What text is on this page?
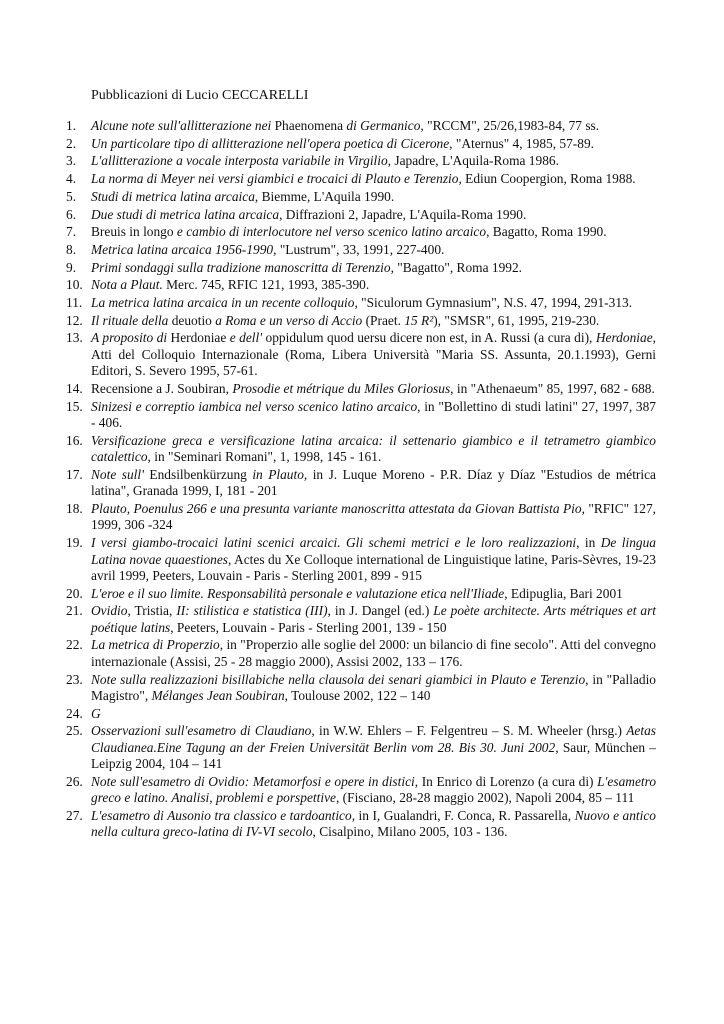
Pubblicazioni di Lucio CECCARELLI
1. Alcune note sull'allitterazione nei Phaenomena di Germanico, "RCCM", 25/26,1983-84, 77 ss.
2. Un particolare tipo di allitterazione nell'opera poetica di Cicerone, "Aternus" 4, 1985, 57-89.
3. L'allitterazione a vocale interposta variabile in Virgilio, Japadre, L'Aquila-Roma 1986.
4. La norma di Meyer nei versi giambici e trocaici di Plauto e Terenzio, Ediun Coopergion, Roma 1988.
5. Studi di metrica latina arcaica, Biemme, L'Aquila 1990.
6. Due studi di metrica latina arcaica, Diffrazioni 2, Japadre, L'Aquila-Roma 1990.
7. Breuis in longo e cambio di interlocutore nel verso scenico latino arcaico, Bagatto, Roma 1990.
8. Metrica latina arcaica 1956-1990, "Lustrum", 33, 1991, 227-400.
9. Primi sondaggi sulla tradizione manoscritta di Terenzio, "Bagatto", Roma 1992.
10. Nota a Plaut. Merc. 745, RFIC 121, 1993, 385-390.
11. La metrica latina arcaica in un recente colloquio, "Siculorum Gymnasium", N.S. 47, 1994, 291-313.
12. Il rituale della deuotio a Roma e un verso di Accio (Praet. 15 R²), "SMSR", 61, 1995, 219-230.
13. A proposito di Herdoniae e dell' oppidulum quod uersu dicere non est, in A. Russi (a cura di), Herdoniae, Atti del Colloquio Internazionale (Roma, Libera Università "Maria SS. Assunta, 20.1.1993), Gerni Editori, S. Severo 1995, 57-61.
14. Recensione a J. Soubiran, Prosodie et métrique du Miles Gloriosus, in "Athenaeum" 85, 1997, 682 - 688.
15. Sinizesi e correptio iambica nel verso scenico latino arcaico, in "Bollettino di studi latini" 27, 1997, 387 - 406.
16. Versificazione greca e versificazione latina arcaica: il settenario giambico e il tetrametro giambico catalettico, in "Seminari Romani", 1, 1998, 145 - 161.
17. Note sull' Endsilbenkürzung in Plauto, in J. Luque Moreno - P.R. Díaz y Díaz "Estudios de métrica latina", Granada 1999, I, 181 - 201
18. Plauto, Poenulus 266 e una presunta variante manoscritta attestata da Giovan Battista Pio, "RFIC" 127, 1999, 306 -324
19. I versi giambo-trocaici latini scenici arcaici. Gli schemi metrici e le loro realizzazioni, in De lingua Latina novae quaestiones, Actes du Xe Colloque international de Linguistique latine, Paris-Sèvres, 19-23 avril 1999, Peeters, Louvain - Paris - Sterling 2001, 899 - 915
20. L'eroe e il suo limite. Responsabilità personale e valutazione etica nell'Iliade, Edipuglia, Bari 2001
21. Ovidio, Tristia, II: stilistica e statistica (III), in J. Dangel (ed.) Le poète architecte. Arts métriques et art poétique latins, Peeters, Louvain - Paris - Sterling 2001, 139 - 150
22. La metrica di Properzio, in "Properzio alle soglie del 2000: un bilancio di fine secolo". Atti del convegno internazionale (Assisi, 25 - 28 maggio 2000), Assisi 2002, 133 – 176.
23. Note sulla realizzazioni bisillabiche nella clausola dei senari giambici in Plauto e Terenzio, in "Palladio Magistro", Mélanges Jean Soubiran, Toulouse 2002, 122 – 140
24. G
25. Osservazioni sull'esametro di Claudiano, in W.W. Ehlers – F. Felgentreu – S. M. Wheeler (hrsg.) Aetas Claudianea.Eine Tagung an der Freien Universität Berlin vom 28. Bis 30. Juni 2002, Saur, München – Leipzig 2004, 104 – 141
26. Note sull'esametro di Ovidio: Metamorfosi e opere in distici, In Enrico di Lorenzo (a cura di) L'esametro greco e latino. Analisi, problemi e porspettive, (Fisciano, 28-28 maggio 2002), Napoli 2004, 85 – 111
27. L'esametro di Ausonio tra classico e tardoantico, in I, Gualandri, F. Conca, R. Passarella, Nuovo e antico nella cultura greco-latina di IV-VI secolo, Cisalpino, Milano 2005, 103 - 136.
